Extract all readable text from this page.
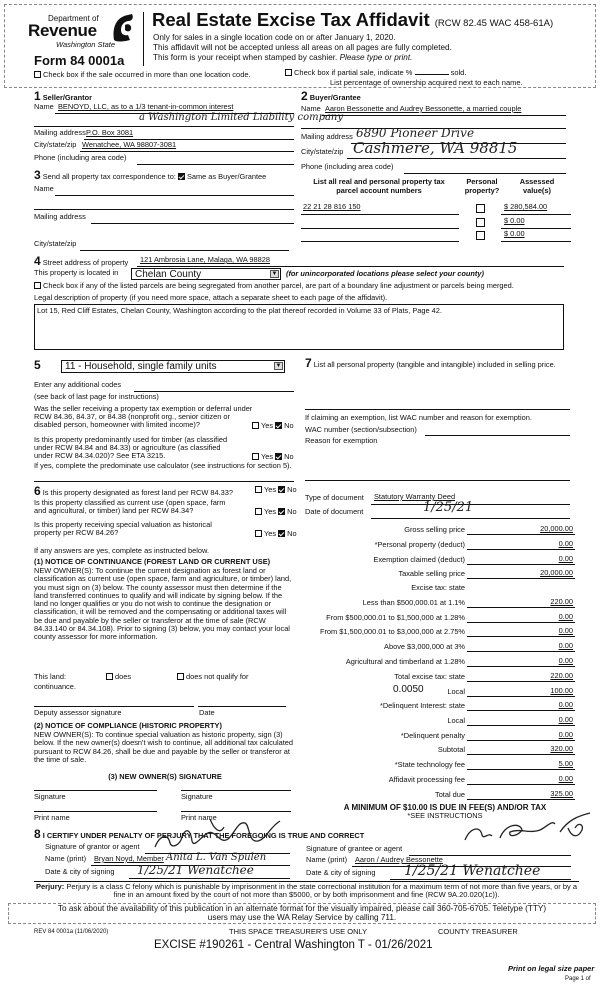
Department of
Revenue
Washington State
Form 84 0001a
Real Estate Excise Tax Affidavit (RCW 82.45 WAC 458-61A)
Only for sales in a single location code on or after January 1, 2020.
This affidavit will not be accepted unless all areas on all pages are fully completed.
This form is your receipt when stamped by cashier. Please type or print.
Check box if the sale occurred in more than one location code.	Check box if partial sale, indicate %	sold.
List percentage of ownership acquired next to each name.
1 Seller/Grantor
Name BENOYD, LLC, as to a 1/3 tenant-in-common interest
a Washington Limited Liability company
Mailing address P.O. Box 3081
City/state/zip Wenatchee, WA 98807-3081
Phone (including area code)
3 Send all property tax correspondence to: Same as Buyer/Grantee
Name
Mailing address
City/state/zip
2 Buyer/Grantee
Name Aaron Bessonette and Audrey Bessonette, a married couple
Mailing address 6890 Pioneer Drive
City/state/zip Cashmere, WA 98815
Phone (including area code)
List all real and personal property tax parcel account numbers
Personal property?
Assessed value(s)
22 21 28 816 150	$ 280,584.00
$ 0.00
$ 0.00
4 Street address of property 121 Ambrosia Lane, Malaga, WA 98828
This property is located in	Chelan County	▼ (for unincorporated locations please select your county)
Check box if any of the listed parcels are being segregated from another parcel, are part of a boundary line adjustment or parcels being merged.
Legal description of property (if you need more space, attach a separate sheet to each page of the affidavit).
Lot 15, Red Cliff Estates, Chelan County, Washington according to the plat thereof recorded in Volume 33 of Plats, Page 42.
5	11 - Household, single family units	▼
Enter any additional codes
(see back of last page for instructions)
Was the seller receiving a property tax exemption or deferral under RCW 84.36, 84.37, or 84.38 (nonprofit org., senior citizen or disabled person, homeowner with limited income)?	Yes No
Is this property predominantly used for timber (as classified under RCW 84.84 and 84.33) or agriculture (as classified under RCW 84.34.020)? See ETA 3215.	Yes No
If yes, complete the predominate use calculator (see instructions for section 5).
6 Is this property designated as forest land per RCW 84.33?	Yes No
Is this property classified as current use (open space, farm and agricultural, or timber) land per RCW 84.34?	Yes No
Is this property receiving special valuation as historical property per RCW 84.26?	Yes No
If any answers are yes, complete as instructed below.
(1) NOTICE OF CONTINUANCE (FOREST LAND OR CURRENT USE)
NEW OWNER(S): To continue the current designation as forest land or classification as current use (open space, farm and agriculture, or timber) land, you must sign on (3) below. The county assessor must then determine if the land transferred continues to qualify and will indicate by signing below. If the land no longer qualifies or you do not wish to continue the designation or classification, it will be removed and the compensating or additional taxes will be due and payable by the seller or transferor at the time of sale (RCW 84.33.140 or 84.34.108). Prior to signing (3) below, you may contact your local county assessor for more information.
This land:	does	does not qualify for
continuance.
Deputy assessor signature	Date
(2) NOTICE OF COMPLIANCE (HISTORIC PROPERTY)
NEW OWNER(S): To continue special valuation as historic property, sign (3) below. If the new owner(s) doesn't wish to continue, all additional tax calculated pursuant to RCW 84.26, shall be due and payable by the seller or transferor at the time of sale.
(3) NEW OWNER(S) SIGNATURE
Signature	Signature
Print name	Print name
7 List all personal property (tangible and intangible) included in selling price.
If claiming an exemption, list WAC number and reason for exemption.
WAC number (section/subsection)
Reason for exemption
Type of document Statutory Warranty Deed
Date of document	1/25/21
Gross selling price	20,000.00
*Personal property (deduct)	0.00
Exemption claimed (deduct)	0.00
Taxable selling price	20,000.00
Excise tax: state
Less than $500,000.01 at 1.1%	220.00
From $500,000.01 to $1,500,000 at 1.28%	0.00
From $1,500,000.01 to $3,000,000 at 2.75%	0.00
Above $3,000,000 at 3%	0.00
Agricultural and timberland at 1.28%	0.00
Total excise tax: state	220.00
0.0050	Local	100.00
*Delinquent Interest: state	0.00
Local	0.00
*Delinquent penalty	0.00
Subtotal	320.00
*State technology fee	5.00
Affidavit processing fee	0.00
Total due	325.00
A MINIMUM OF $10.00 IS DUE IN FEE(S) AND/OR TAX
*SEE INSTRUCTIONS
8 I CERTIFY UNDER PENALTY OF PERJURY THAT THE FOREGOING IS TRUE AND CORRECT
Signature of grantor or agent
Name (print) Bryan Noyd, Member Anita L. Van Spulen
Date & city of signing 1/25/21 Wenatchee
Signature of grantee or agent
Name (print) Aaron / Audrey Bessonette
Date & city of signing 1/25/21 Wenatchee
Perjury: Perjury is a class C felony which is punishable by imprisonment in the state correctional institution for a maximum term of not more than five years, or by a fine in an amount fixed by the court of not more than $5000, or by both imprisonment and fine (RCW 9A.20.020(1c)).
To ask about the availability of this publication in an alternate format for the visually impaired, please call 360-705-6705. Teletype (TTY) users may use the WA Relay Service by calling 711.
REV 84 0001a (11/06/2020)	THIS SPACE TREASURER'S USE ONLY	COUNTY TREASURER
EXCISE #190261 - Central Washington T - 01/26/2021
Print on legal size paper
Page 1 of
